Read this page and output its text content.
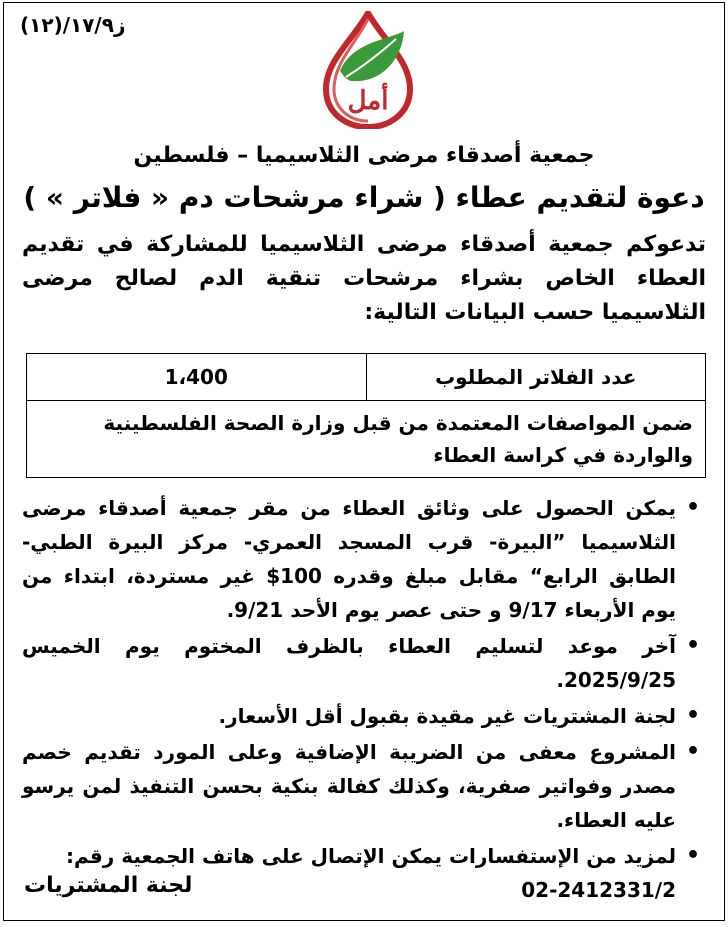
ز١٧/٩/(١٢)
أمل
جمعية أصدقاء مرضى الثلاسيميا – فلسطين
دعوة لتقديم عطاء ( شراء مرشحات دم « فلاتر » )
تدعوكم جمعية أصدقاء مرضى الثلاسيميا للمشاركة في تقديم العطاء الخاص بشراء مرشحات تنقية الدم لصالح مرضى الثلاسيميا حسب البيانات التالية:
عدد الفلاتر المطلوب
1،400
ضمن المواصفات المعتمدة من قبل وزارة الصحة الفلسطينية والواردة في كراسة العطاء
• يمكن الحصول على وثائق العطاء من مقر جمعية أصدقاء مرضى الثلاسيميا ”البيرة- قرب المسجد العمري- مركز البيرة الطبي- الطابق الرابع“ مقابل مبلغ وقدره 100$ غير مستردة، ابتداء من يوم الأربعاء 9/17 و حتى عصر يوم الأحد 9/21.
• آخر موعد لتسليم العطاء بالظرف المختوم يوم الخميس 2025/9/25.
• لجنة المشتريات غير مقيدة بقبول أقل الأسعار.
• المشروع معفى من الضريبة الإضافية وعلى المورد تقديم خصم مصدر وفواتير صفرية، وكذلك كفالة بنكية بحسن التنفيذ لمن يرسو عليه العطاء.
• لمزيد من الإستفسارات يمكن الإتصال على هاتف الجمعية رقم:
02-2412331/2
لجنة المشتريات
